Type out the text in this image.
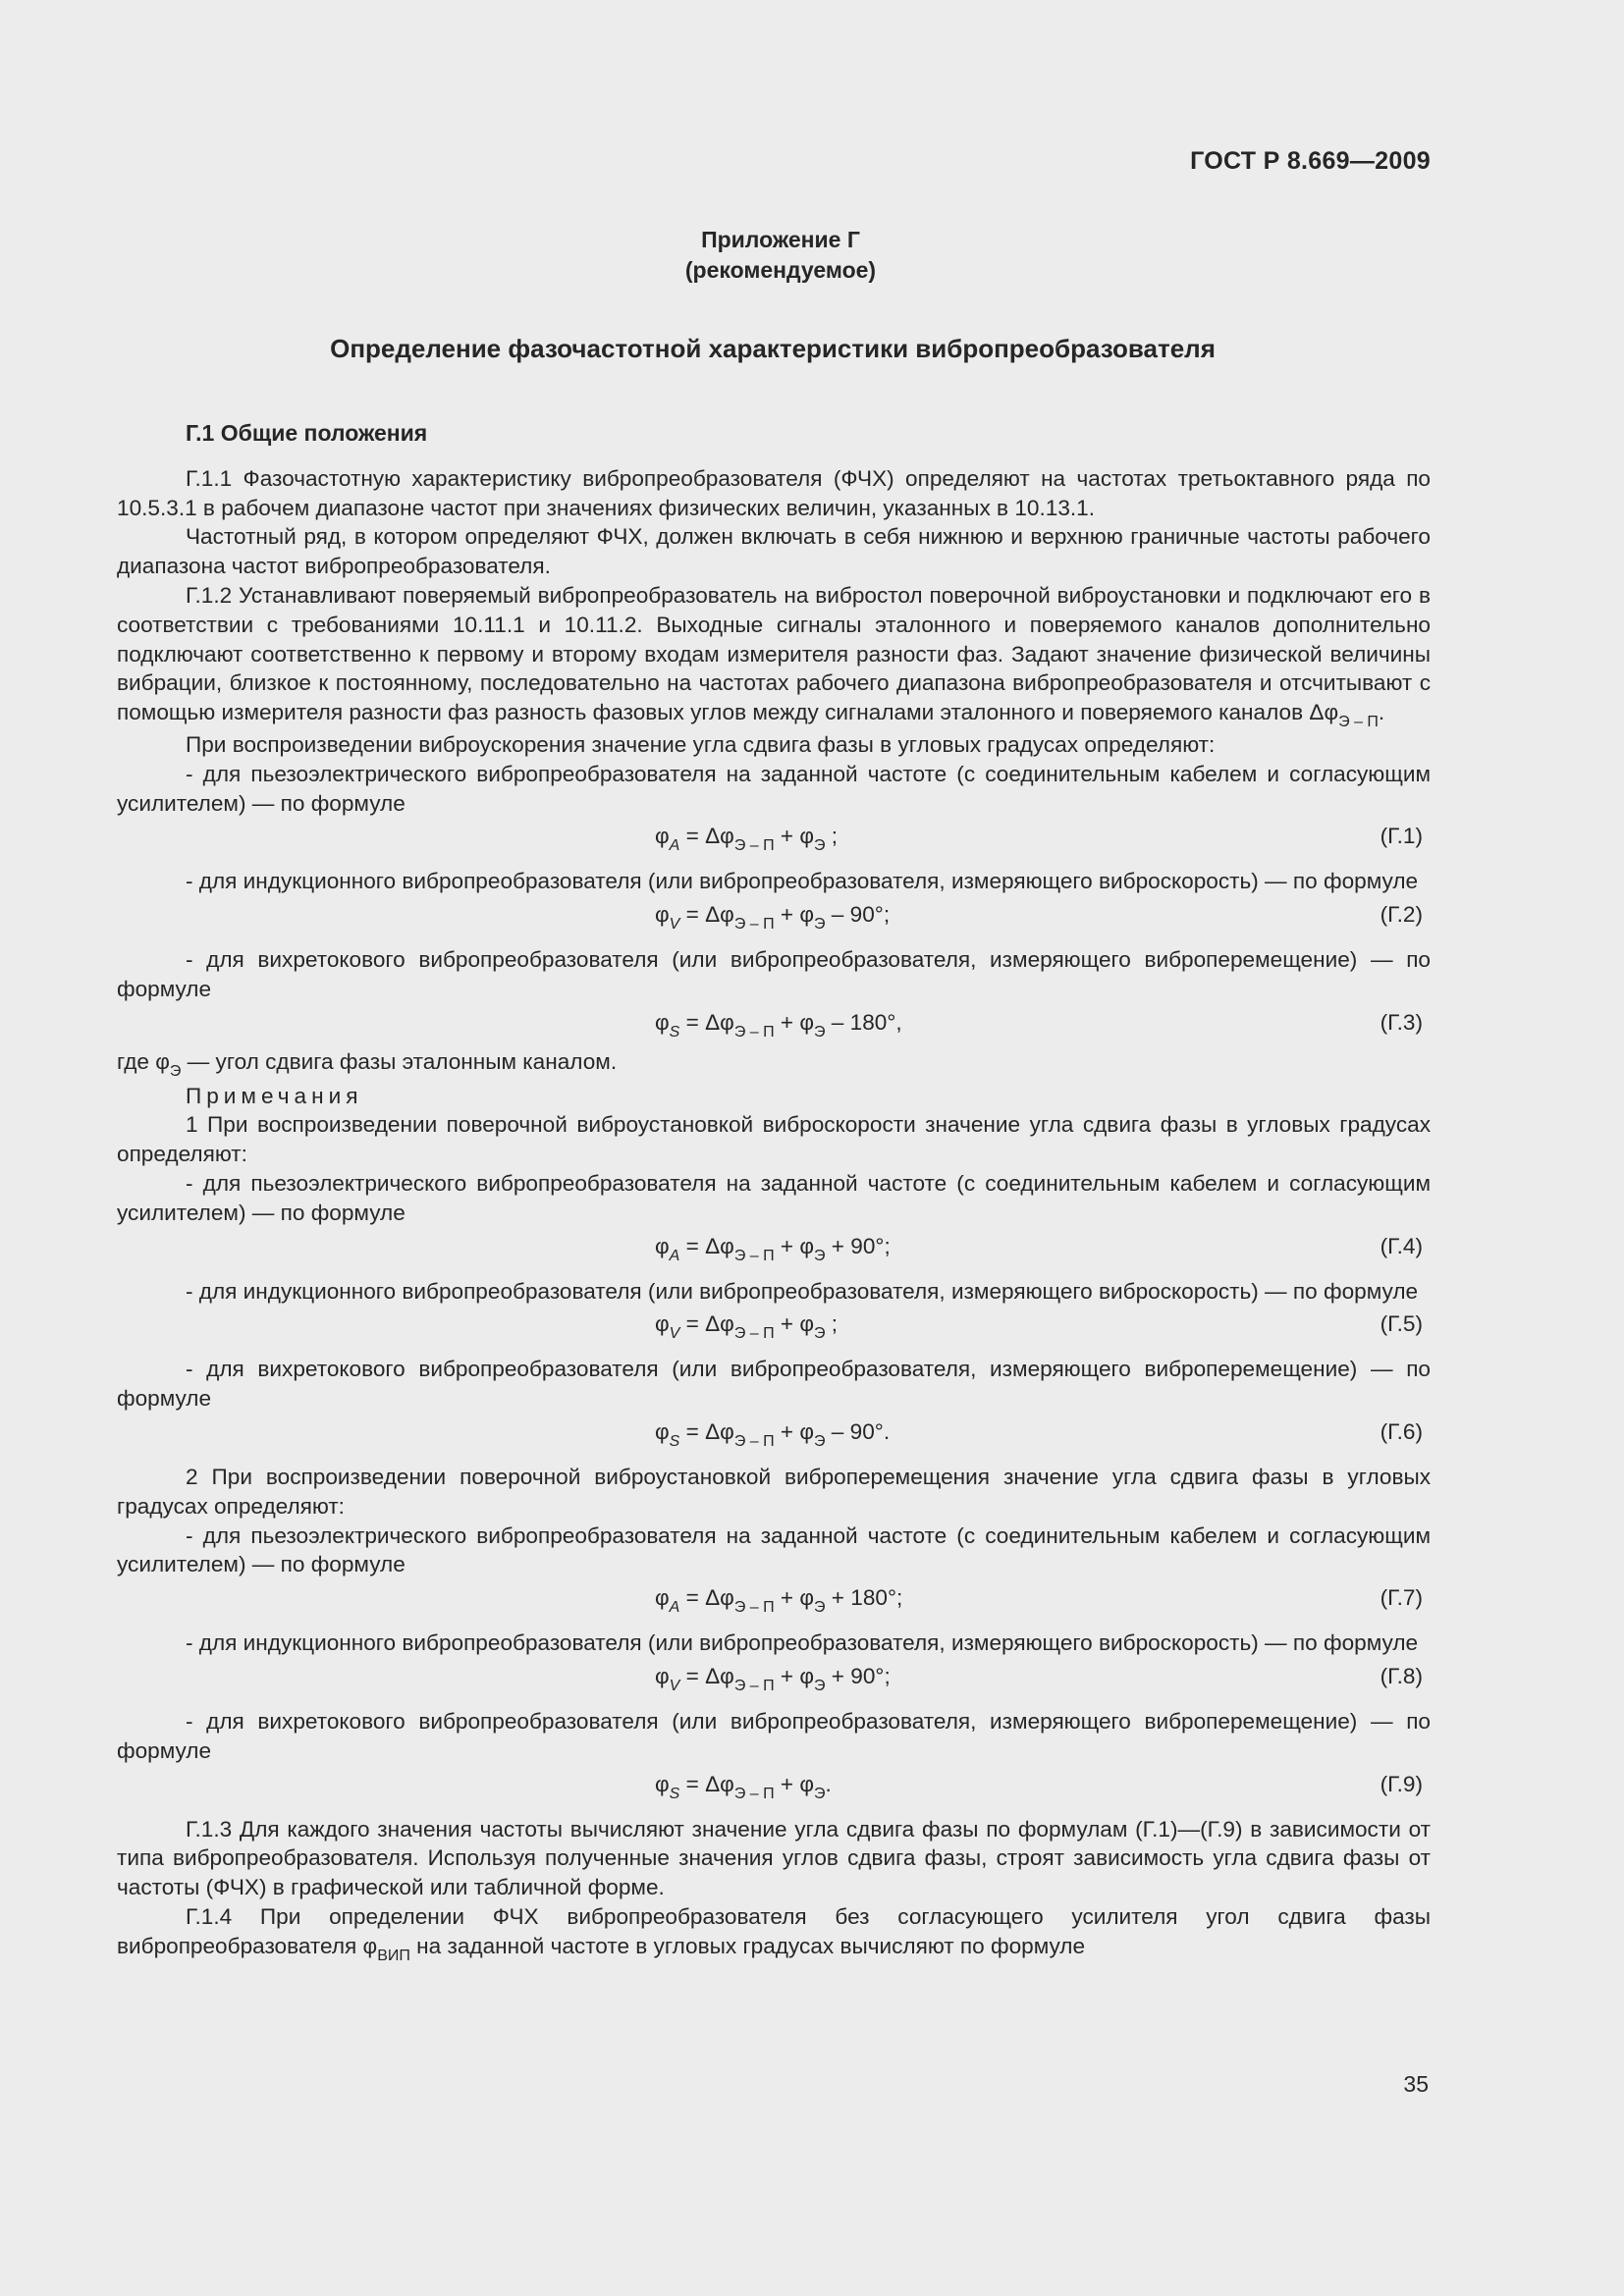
ГОСТ Р 8.669—2009
Приложение Г
(рекомендуемое)
Определение фазочастотной характеристики вибропреобразователя
Г.1 Общие положения

Г.1.1 Фазочастотную характеристику вибропреобразователя (ФЧХ) определяют на частотах третьоктавного ряда по 10.5.3.1 в рабочем диапазоне частот при значениях физических величин, указанных в 10.13.1.

Частотный ряд, в котором определяют ФЧХ, должен включать в себя нижнюю и верхнюю граничные частоты рабочего диапазона частот вибропреобразователя.

Г.1.2 Устанавливают поверяемый вибропреобразователь на вибростол поверочной виброустановки и подключают его в соответствии с требованиями 10.11.1 и 10.11.2. Выходные сигналы эталонного и поверяемого каналов дополнительно подключают соответственно к первому и второму входам измерителя разности фаз. Задают значение физической величины вибрации, близкое к постоянному, последовательно на частотах рабочего диапазона вибропреобразователя и отсчитывают с помощью измерителя разности фаз разность фазовых углов между сигналами эталонного и поверяемого каналов $\Delta\varphi_{Э - П}$.

При воспроизведении виброускорения значение угла сдвига фазы в угловых градусах определяют:

- для пьезоэлектрического вибропреобразователя на заданной частоте (с соединительным кабелем и согласующим усилителем) — по формуле

$\varphi_A = \Delta\varphi_{Э - П} + \varphi_Э$ ;	(Г.1)

- для индукционного вибропреобразователя (или вибропреобразователя, измеряющего виброскорость) — по формуле

$\varphi_V = \Delta\varphi_{Э - П} + \varphi_Э - 90^\circ$;	(Г.2)

- для вихретокового вибропреобразователя (или вибропреобразователя, измеряющего виброперемещение) — по формуле

$\varphi_S = \Delta\varphi_{Э - П} + \varphi_Э - 180^\circ$,	(Г.3)

где $\varphi_Э$ — угол сдвига фазы эталонным каналом.

Примечания

1 При воспроизведении поверочной виброустановкой виброскорости значение угла сдвига фазы в угловых градусах определяют:

- для пьезоэлектрического вибропреобразователя на заданной частоте (с соединительным кабелем и согласующим усилителем) — по формуле

$\varphi_A = \Delta\varphi_{Э - П} + \varphi_Э + 90^\circ$;	(Г.4)

- для индукционного вибропреобразователя (или вибропреобразователя, измеряющего виброскорость) — по формуле

$\varphi_V = \Delta\varphi_{Э - П} + \varphi_Э$ ;	(Г.5)

- для вихретокового вибропреобразователя (или вибропреобразователя, измеряющего виброперемещение) — по формуле

$\varphi_S = \Delta\varphi_{Э - П} + \varphi_Э - 90^\circ$.	(Г.6)

2 При воспроизведении поверочной виброустановкой виброперемещения значение угла сдвига фазы в угловых градусах определяют:

- для пьезоэлектрического вибропреобразователя на заданной частоте (с соединительным кабелем и согласующим усилителем) — по формуле

$\varphi_A = \Delta\varphi_{Э - П} + \varphi_Э + 180^\circ$;	(Г.7)

- для индукционного вибропреобразователя (или вибропреобразователя, измеряющего виброскорость) — по формуле

$\varphi_V = \Delta\varphi_{Э - П} + \varphi_Э + 90^\circ$;	(Г.8)

- для вихретокового вибропреобразователя (или вибропреобразователя, измеряющего виброперемещение) — по формуле

$\varphi_S = \Delta\varphi_{Э - П} + \varphi_Э$.	(Г.9)

Г.1.3 Для каждого значения частоты вычисляют значение угла сдвига фазы по формулам (Г.1)—(Г.9) в зависимости от типа вибропреобразователя. Используя полученные значения углов сдвига фазы, строят зависимость угла сдвига фазы от частоты (ФЧХ) в графической или табличной форме.

Г.1.4 При определении ФЧХ вибропреобразователя без согласующего усилителя угол сдвига фазы вибропреобразователя $\varphi_{ВИП}$ на заданной частоте в угловых градусах вычисляют по формуле

35
